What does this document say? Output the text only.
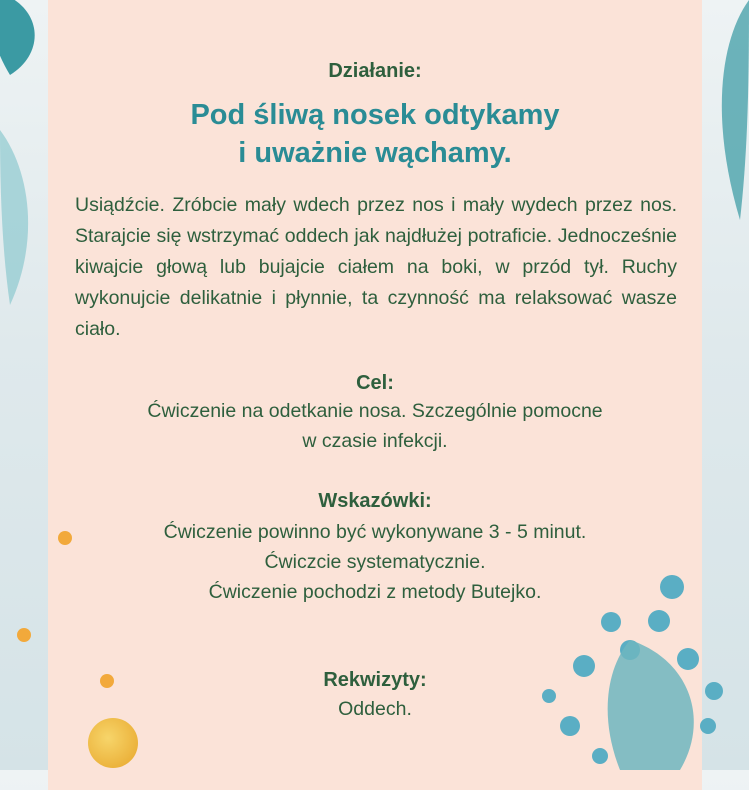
Działanie:
Pod śliwą nosek odtykamy
i uważnie wąchamy.
Usiądźcie. Zróbcie mały wdech przez nos i mały wydech przez nos. Starajcie się wstrzymać oddech jak najdłużej potraficie. Jednocześnie kiwajcie głową lub bujajcie ciałem na boki, w przód tył. Ruchy wykonujcie delikatnie i płynnie, ta czynność ma relaksować wasze ciało.
Cel:
Ćwiczenie na odetkanie nosa. Szczególnie pomocne
w czasie infekcji.
Wskazówki:
Ćwiczenie powinno być wykonywane 3 - 5 minut.
Ćwiczcie systematycznie.
Ćwiczenie pochodzi z metody Butejko.
Rekwizyty:
Oddech.
